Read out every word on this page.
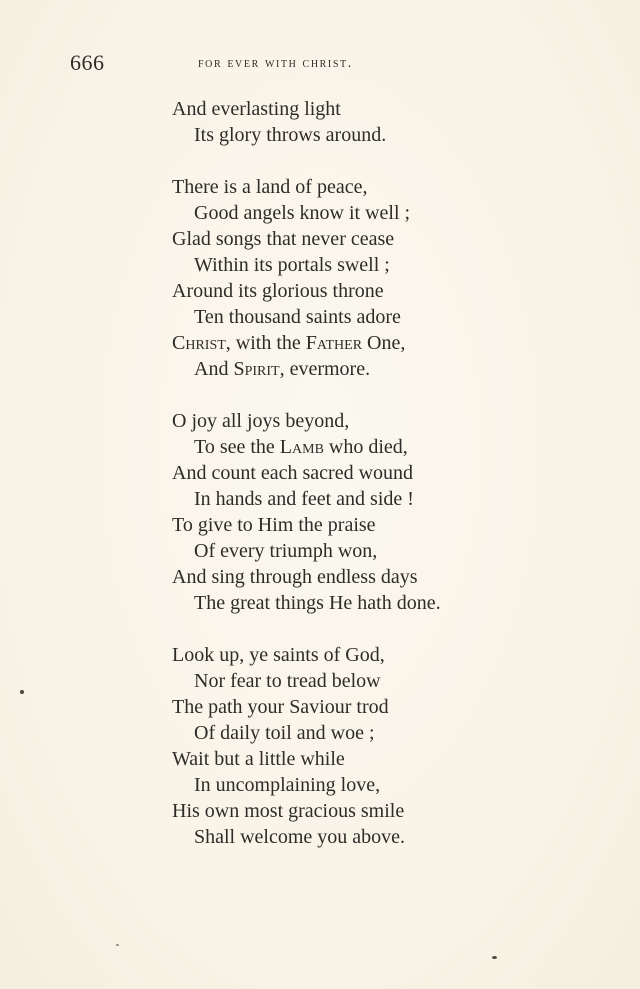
666	for ever with christ.
And everlasting light
Its glory throws around.
There is a land of peace,
Good angels know it well ;
Glad songs that never cease
Within its portals swell ;
Around its glorious throne
Ten thousand saints adore
Christ, with the Father One,
And Spirit, evermore.
O joy all joys beyond,
To see the Lamb who died,
And count each sacred wound
In hands and feet and side !
To give to Him the praise
Of every triumph won,
And sing through endless days
The great things He hath done.
Look up, ye saints of God,
Nor fear to tread below
The path your Saviour trod
Of daily toil and woe ;
Wait but a little while
In uncomplaining love,
His own most gracious smile
Shall welcome you above.
